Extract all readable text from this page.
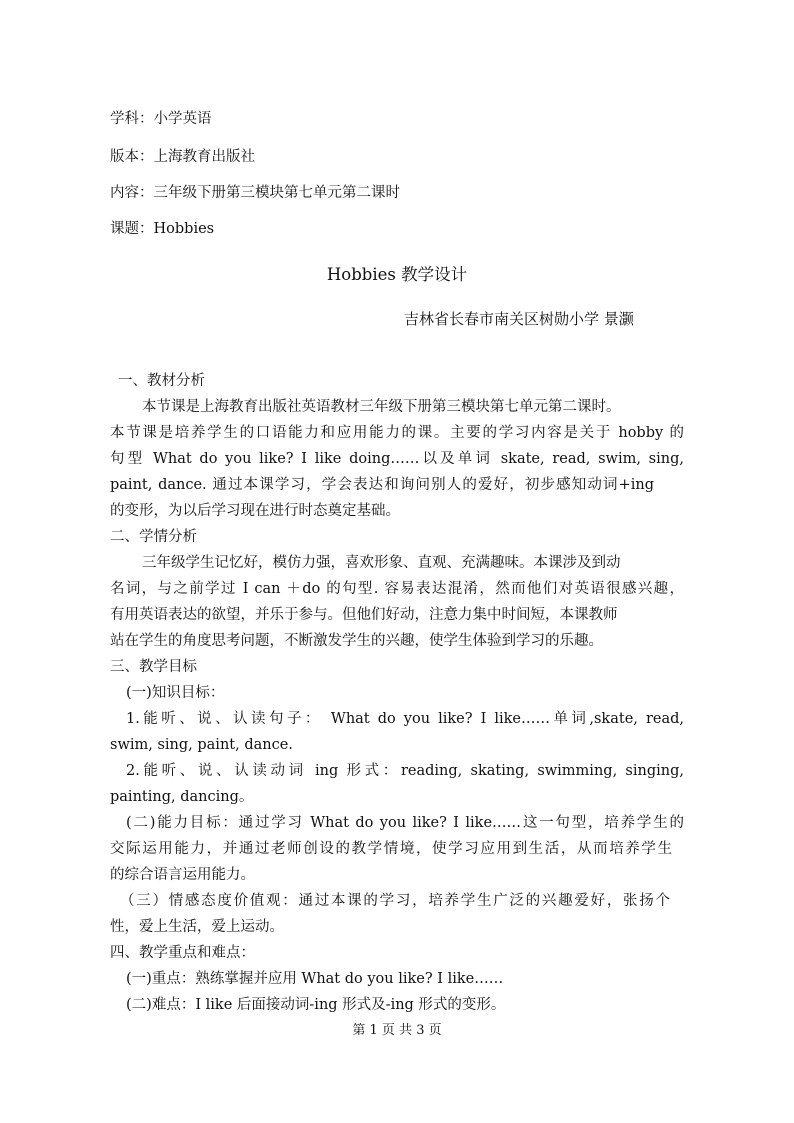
学科：小学英语
版本：上海教育出版社
内容：三年级下册第三模块第七单元第二课时
课题：Hobbies
Hobbies 教学设计
吉林省长春市南关区树勋小学 景灏
一、教材分析
本节课是上海教育出版社英语教材三年级下册第三模块第七单元第二课时。
本节课是培养学生的口语能力和应用能力的课。主要的学习内容是关于 hobby 的
句型 What do you like? I like doing……以及单词 skate, read, swim, sing,
paint, dance. 通过本课学习，学会表达和询问别人的爱好，初步感知动词+ing
的变形，为以后学习现在进行时态奠定基础。
二、学情分析
三年级学生记忆好，模仿力强，喜欢形象、直观、充满趣味。本课涉及到动
名词，与之前学过 I can ＋do 的句型. 容易表达混淆，然而他们对英语很感兴趣，
有用英语表达的欲望，并乐于参与。但他们好动，注意力集中时间短，本课教师
站在学生的角度思考问题，不断激发学生的兴趣，使学生体验到学习的乐趣。
三、教学目标
(一)知识目标：
1.能听、说、认读句子： What do you like? I like……单词,skate, read,
swim, sing, paint, dance.
2.能听、说、认读动词 ing 形式：reading, skating, swimming, singing,
painting, dancing。
(二)能力目标：通过学习 What do you like? I like……这一句型，培养学生的
交际运用能力，并通过老师创设的教学情境，使学习应用到生活，从而培养学生
的综合语言运用能力。
（三）情感态度价值观：通过本课的学习，培养学生广泛的兴趣爱好，张扬个
性，爱上生活，爱上运动。
四、教学重点和难点：
(一)重点：熟练掌握并应用 What do you like? I like……
(二)难点：I like 后面接动词-ing 形式及-ing 形式的变形。
第 1 页 共 3 页
